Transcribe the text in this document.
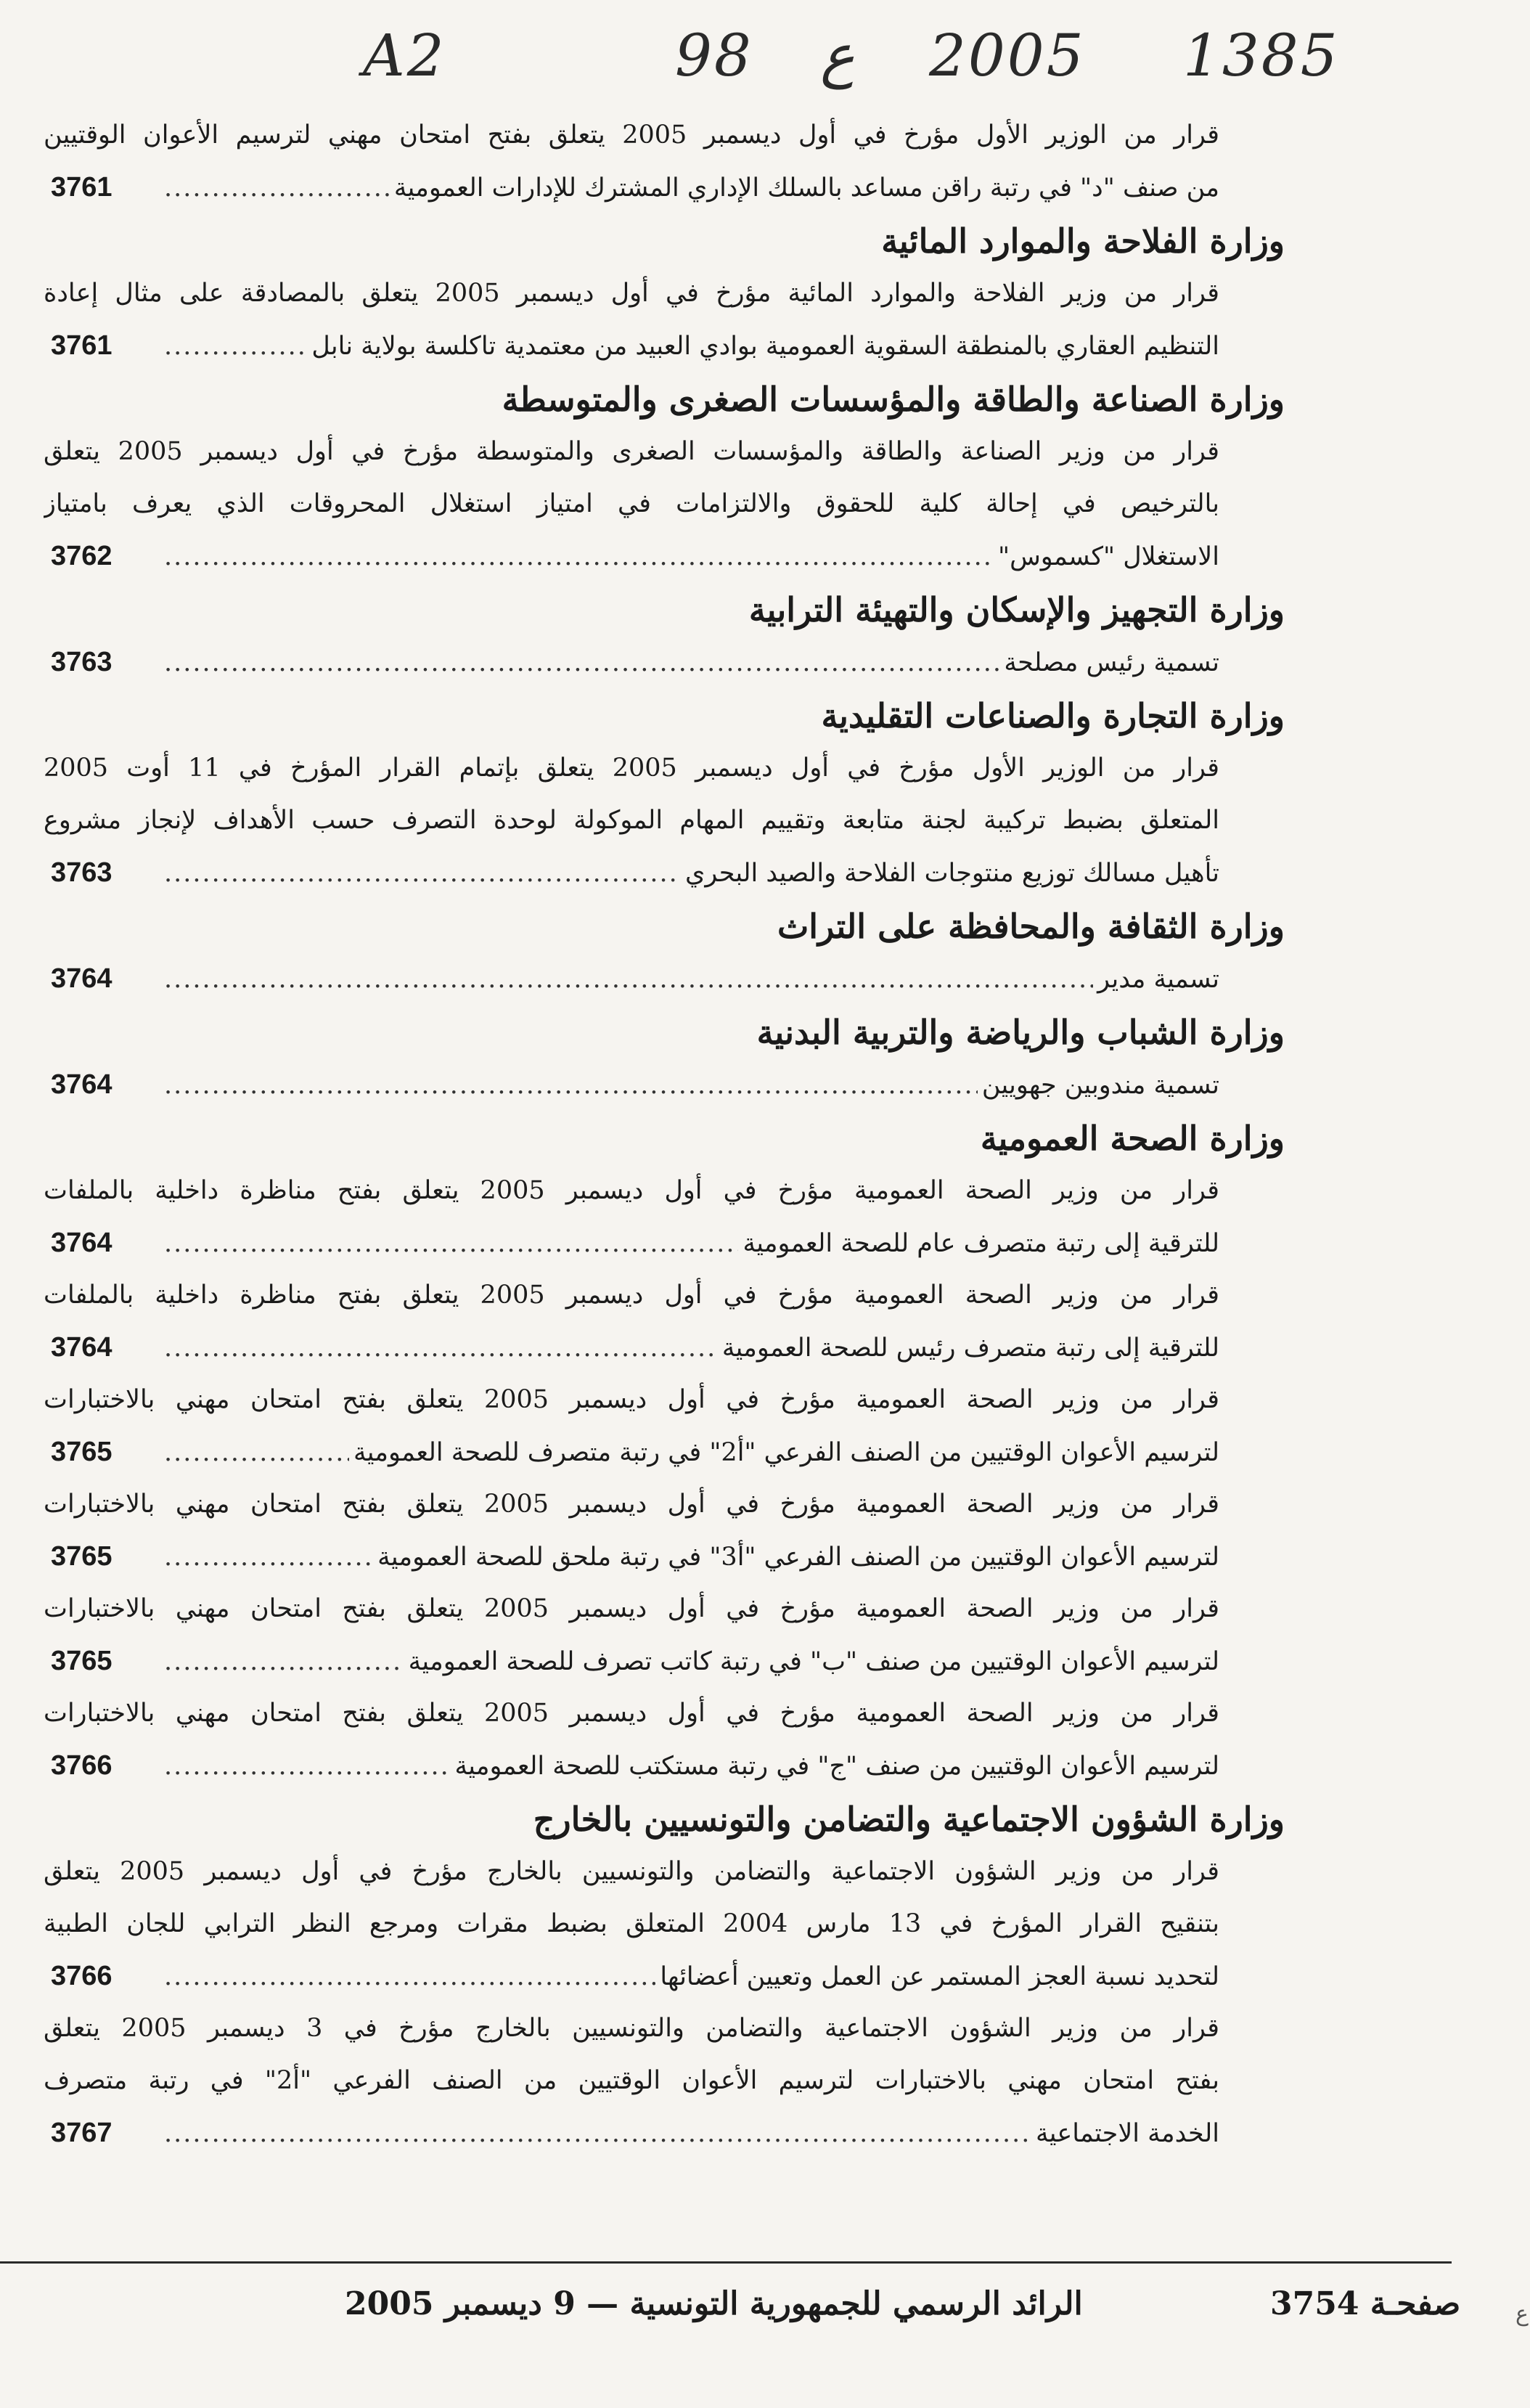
A2	98 ع 2005 1385
قرار من الوزير الأول مؤرخ في أول ديسمبر 2005 يتعلق بفتح امتحان مهني لترسيم الأعوان الوقتيين
من صنف "د" في رتبة راقن مساعد بالسلك الإداري المشترك للإدارات العمومية
.....
3761
وزارة الفلاحة والموارد المائية
قرار من وزير الفلاحة والموارد المائية مؤرخ في أول ديسمبر 2005 يتعلق بالمصادقة على مثال إعادة
التنظيم العقاري بالمنطقة السقوية العمومية بوادي العبيد من معتمدية تاكلسة بولاية نابل
.....
3761
وزارة الصناعة والطاقة والمؤسسات الصغرى والمتوسطة
قرار من وزير الصناعة والطاقة والمؤسسات الصغرى والمتوسطة مؤرخ في أول ديسمبر 2005 يتعلق
بالترخيص في إحالة كلية للحقوق والالتزامات في امتياز استغلال المحروقات الذي يعرف بامتياز
الاستغلال "كسموس"
.....
3762
وزارة التجهيز والإسكان والتهيئة الترابية
تسمية رئيس مصلحة
.....
3763
وزارة التجارة والصناعات التقليدية
قرار من الوزير الأول مؤرخ في أول ديسمبر 2005 يتعلق بإتمام القرار المؤرخ في 11 أوت 2005
المتعلق بضبط تركيبة لجنة متابعة وتقييم المهام الموكولة لوحدة التصرف حسب الأهداف لإنجاز مشروع
تأهيل مسالك توزيع منتوجات الفلاحة والصيد البحري
.....
3763
وزارة الثقافة والمحافظة على التراث
تسمية مدير
.....
3764
وزارة الشباب والرياضة والتربية البدنية
تسمية مندوبين جهويين
.....
3764
وزارة الصحة العمومية
قرار من وزير الصحة العمومية مؤرخ في أول ديسمبر 2005 يتعلق بفتح مناظرة داخلية بالملفات
للترقية إلى رتبة متصرف عام للصحة العمومية
.....
3764
قرار من وزير الصحة العمومية مؤرخ في أول ديسمبر 2005 يتعلق بفتح مناظرة داخلية بالملفات
للترقية إلى رتبة متصرف رئيس للصحة العمومية
.....
3764
قرار من وزير الصحة العمومية مؤرخ في أول ديسمبر 2005 يتعلق بفتح امتحان مهني بالاختبارات
لترسيم الأعوان الوقتيين من الصنف الفرعي "أ2" في رتبة متصرف للصحة العمومية
.....
3765
قرار من وزير الصحة العمومية مؤرخ في أول ديسمبر 2005 يتعلق بفتح امتحان مهني بالاختبارات
لترسيم الأعوان الوقتيين من الصنف الفرعي "أ3" في رتبة ملحق للصحة العمومية
.....
3765
قرار من وزير الصحة العمومية مؤرخ في أول ديسمبر 2005 يتعلق بفتح امتحان مهني بالاختبارات
لترسيم الأعوان الوقتيين من صنف "ب" في رتبة كاتب تصرف للصحة العمومية
.....
3765
قرار من وزير الصحة العمومية مؤرخ في أول ديسمبر 2005 يتعلق بفتح امتحان مهني بالاختبارات
لترسيم الأعوان الوقتيين من صنف "ج" في رتبة مستكتب للصحة العمومية
.....
3766
وزارة الشؤون الاجتماعية والتضامن والتونسيين بالخارج
قرار من وزير الشؤون الاجتماعية والتضامن والتونسيين بالخارج مؤرخ في أول ديسمبر 2005 يتعلق
بتنقيح القرار المؤرخ في 13 مارس 2004 المتعلق بضبط مقرات ومرجع النظر الترابي للجان الطبية
لتحديد نسبة العجز المستمر عن العمل وتعيين أعضائها
.....
3766
قرار من وزير الشؤون الاجتماعية والتضامن والتونسيين بالخارج مؤرخ في 3 ديسمبر 2005 يتعلق
بفتح امتحان مهني بالاختبارات لترسيم الأعوان الوقتيين من الصنف الفرعي "أ2" في رتبة متصرف
الخدمة الاجتماعية
.....
3767
صفحـة 3754
الرائد الرسمي للجمهورية التونسية — 9 ديسمبر 2005	ع
